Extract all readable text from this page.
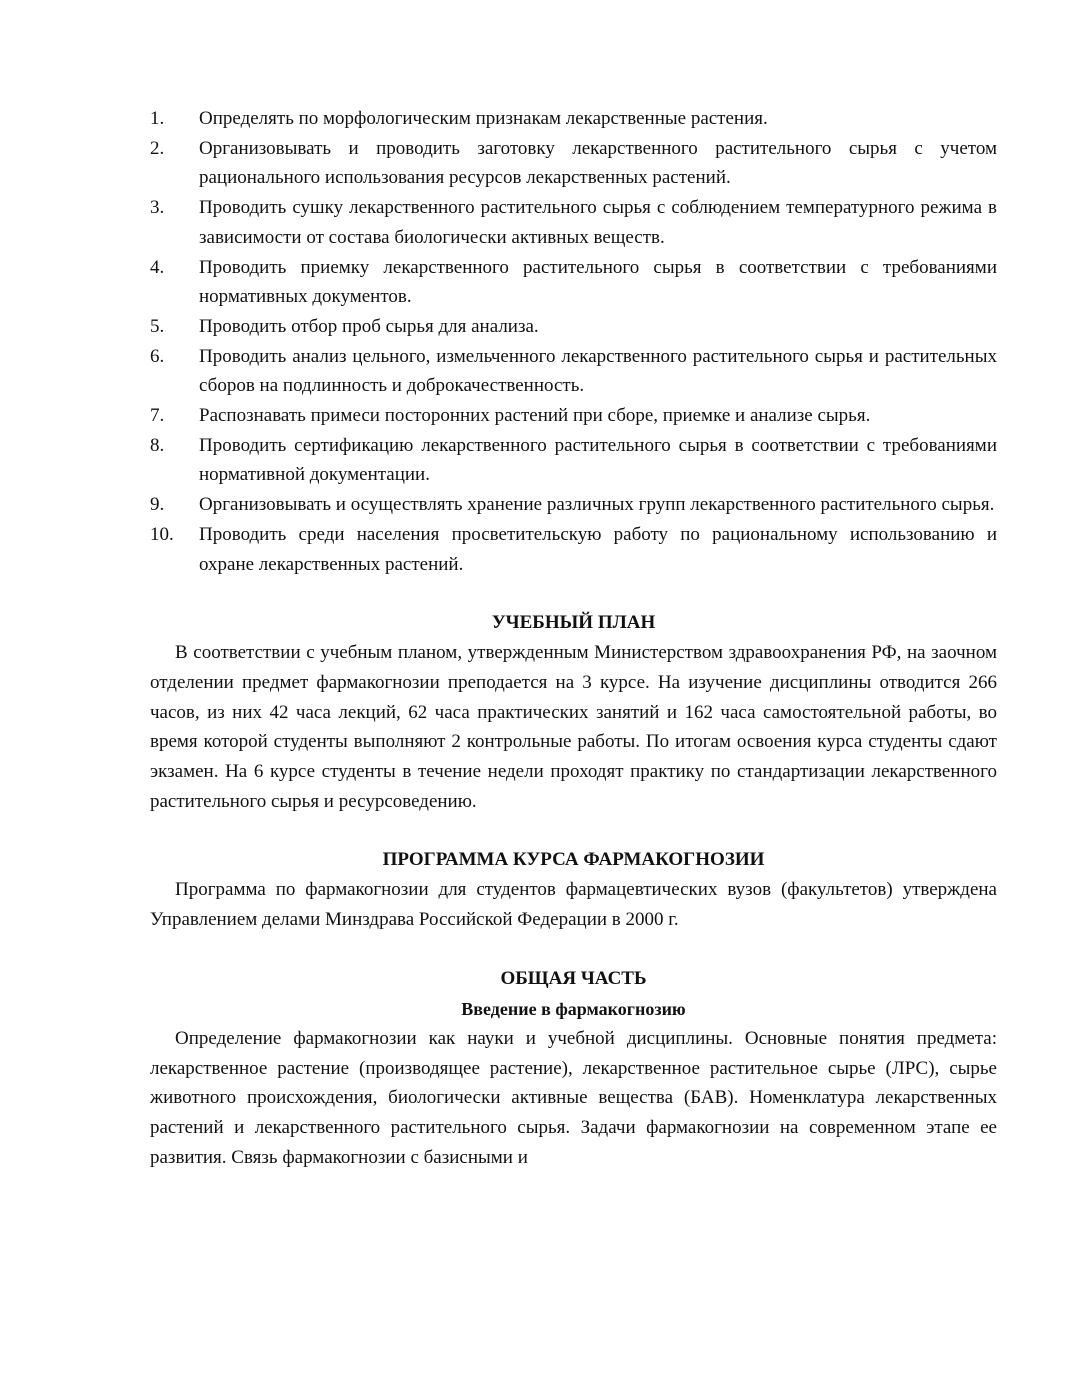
1.	Определять по морфологическим признакам лекарственные растения.
2.	Организовывать и проводить заготовку лекарственного растительного сырья с учетом рационального использования ресурсов лекарственных растений.
3.	Проводить сушку лекарственного растительного сырья с соблюдением температурного режима в зависимости от состава биологически активных веществ.
4.	Проводить приемку лекарственного растительного сырья в соответствии с требованиями нормативных документов.
5.	Проводить отбор проб сырья для анализа.
6.	Проводить анализ цельного, измельченного лекарственного растительного сырья и растительных сборов на подлинность и доброкачественность.
7.	Распознавать примеси посторонних растений при сборе, приемке и анализе сырья.
8.	Проводить сертификацию лекарственного растительного сырья в соответствии с требованиями нормативной документации.
9.	Организовывать и осуществлять хранение различных групп лекарственного растительного сырья.
10.	Проводить среди населения просветительскую работу по рациональному использованию и охране лекарственных растений.
УЧЕБНЫЙ ПЛАН

В соответствии с учебным планом, утвержденным Министерством здравоохранения РФ, на заочном отделении предмет фармакогнозии преподается на 3 курсе. На изучение дисциплины отводится 266 часов, из них 42 часа лекций, 62 часа практических занятий и 162 часа самостоятельной работы, во время которой студенты выполняют 2 контрольные работы. По итогам освоения курса студенты сдают экзамен. На 6 курсе студенты в течение недели проходят практику по стандартизации лекарственного растительного сырья и ресурсоведению.

ПРОГРАММА КУРСА ФАРМАКОГНОЗИИ

Программа по фармакогнозии для студентов фармацевтических вузов (факультетов) утверждена Управлением делами Минздрава Российской Федерации в 2000 г.

ОБЩАЯ ЧАСТЬ
Введение в фармакогнозию

Определение фармакогнозии как науки и учебной дисциплины. Основные понятия предмета: лекарственное растение (производящее растение), лекарственное растительное сырье (ЛРС), сырье животного происхождения, биологически активные вещества (БАВ). Номенклатура лекарственных растений и лекарственного растительного сырья. Задачи фармакогнозии на современном этапе ее развития. Связь фармакогнозии с базисными и
